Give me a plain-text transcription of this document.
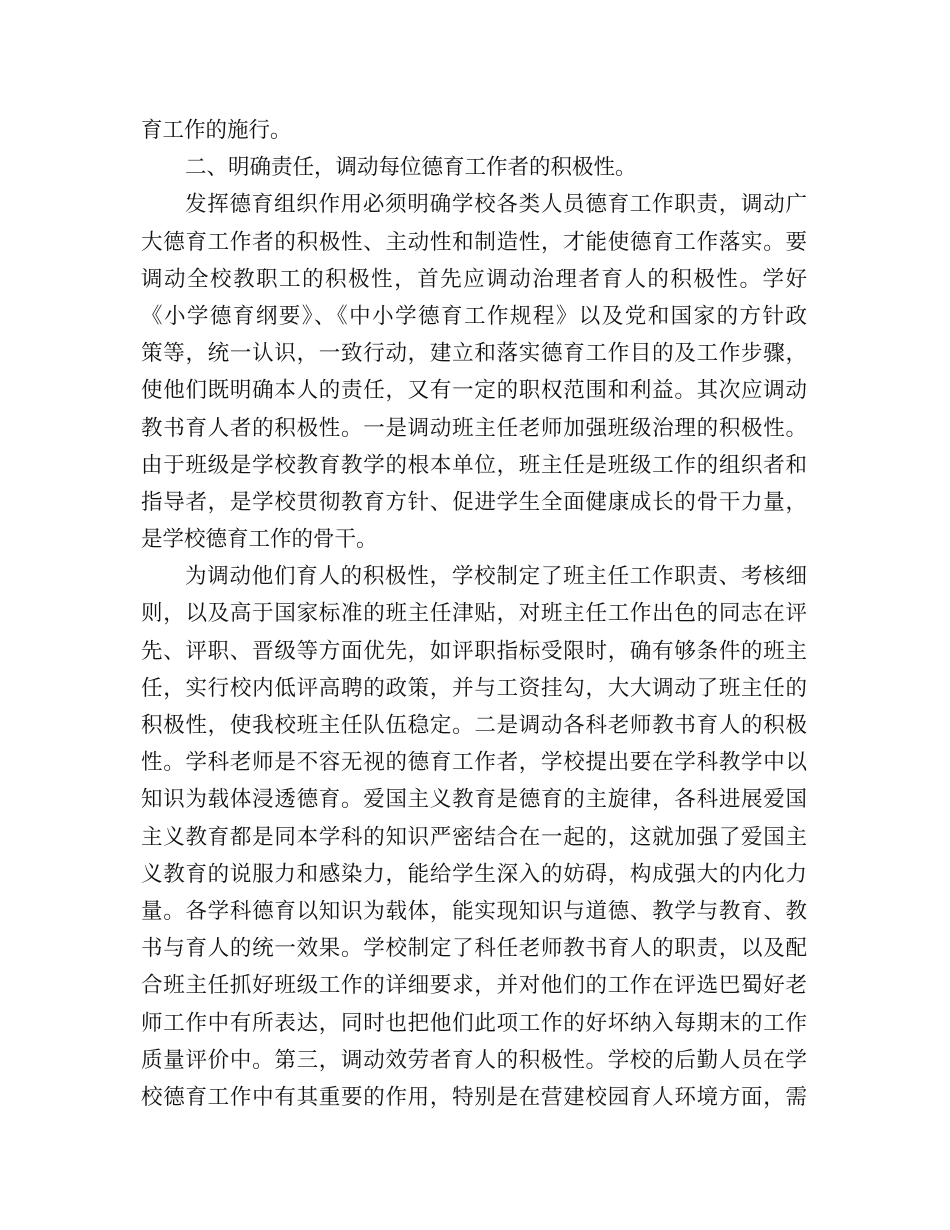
育工作的施行。
二、明确责任，调动每位德育工作者的积极性。
发挥德育组织作用必须明确学校各类人员德育工作职责，调动广
大德育工作者的积极性、主动性和制造性，才能使德育工作落实。要
调动全校教职工的积极性，首先应调动治理者育人的积极性。学好
《小学德育纲要》、《中小学德育工作规程》以及党和国家的方针政
策等，统一认识，一致行动，建立和落实德育工作目的及工作步骤，
使他们既明确本人的责任，又有一定的职权范围和利益。其次应调动
教书育人者的积极性。一是调动班主任老师加强班级治理的积极性。
由于班级是学校教育教学的根本单位，班主任是班级工作的组织者和
指导者，是学校贯彻教育方针、促进学生全面健康成长的骨干力量，
是学校德育工作的骨干。
为调动他们育人的积极性，学校制定了班主任工作职责、考核细
则，以及高于国家标准的班主任津贴，对班主任工作出色的同志在评
先、评职、晋级等方面优先，如评职指标受限时，确有够条件的班主
任，实行校内低评高聘的政策，并与工资挂勾，大大调动了班主任的
积极性，使我校班主任队伍稳定。二是调动各科老师教书育人的积极
性。学科老师是不容无视的德育工作者，学校提出要在学科教学中以
知识为载体浸透德育。爱国主义教育是德育的主旋律，各科进展爱国
主义教育都是同本学科的知识严密结合在一起的，这就加强了爱国主
义教育的说服力和感染力，能给学生深入的妨碍，构成强大的内化力
量。各学科德育以知识为载体，能实现知识与道德、教学与教育、教
书与育人的统一效果。学校制定了科任老师教书育人的职责，以及配
合班主任抓好班级工作的详细要求，并对他们的工作在评选巴蜀好老
师工作中有所表达，同时也把他们此项工作的好坏纳入每期末的工作
质量评价中。第三，调动效劳者育人的积极性。学校的后勤人员在学
校德育工作中有其重要的作用，特别是在营建校园育人环境方面，需
